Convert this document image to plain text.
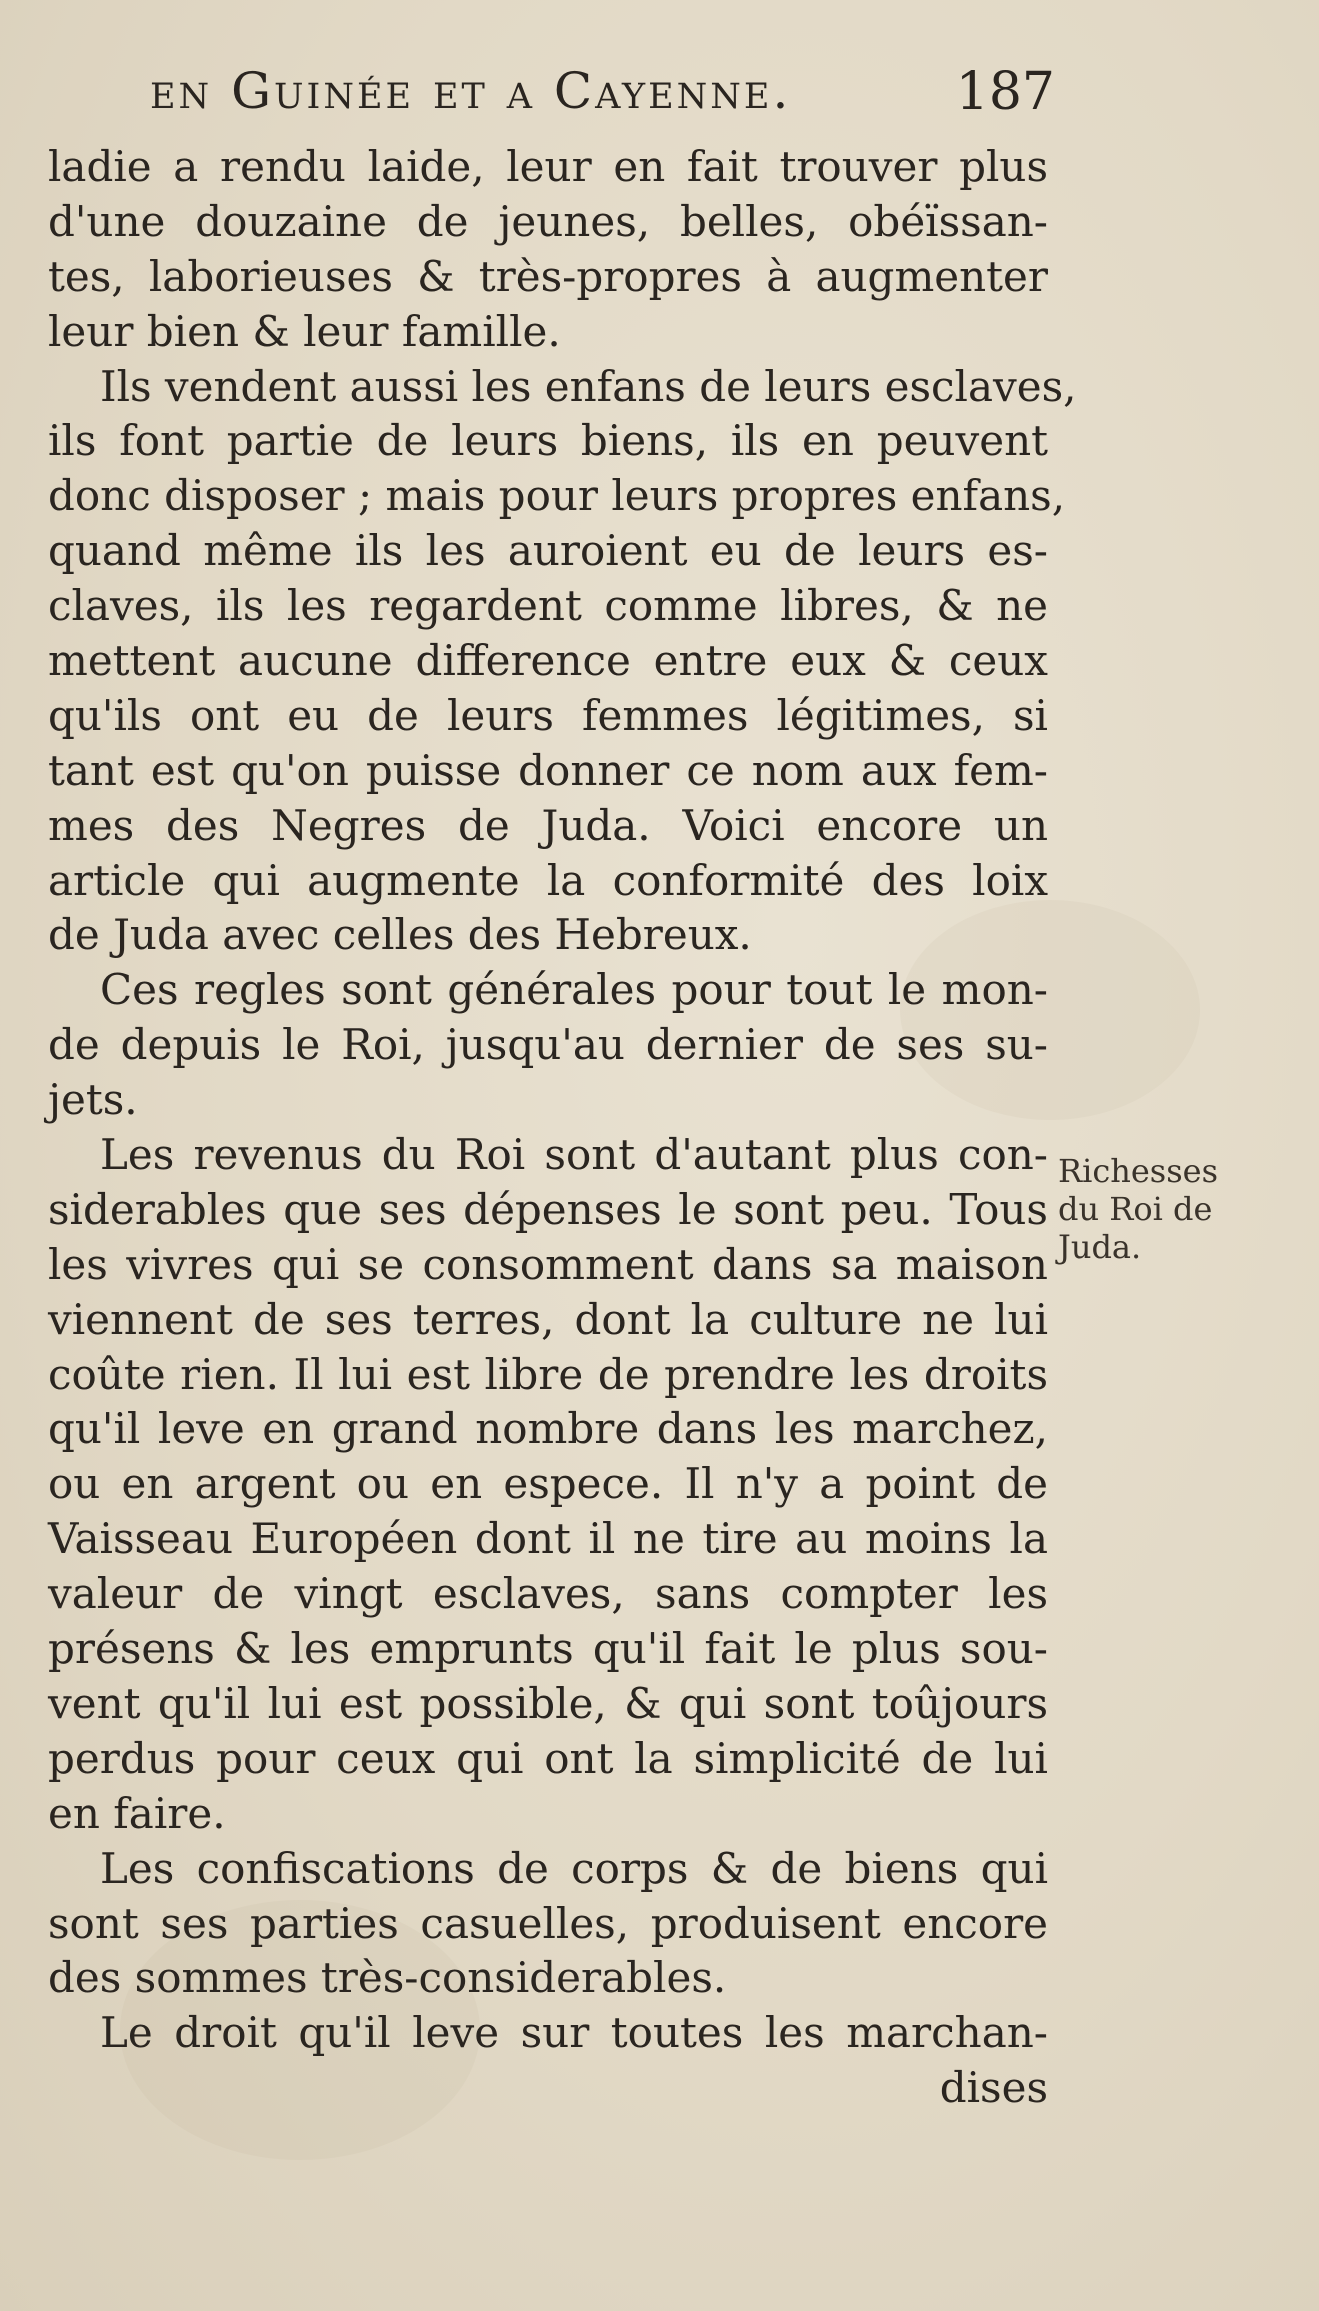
en Guinée et a Cayenne.	187
ladie a rendu laide, leur en fait trouver plus
d'une douzaine de jeunes, belles, obéïssan-
tes, laborieuses & très-propres à augmenter
leur bien & leur famille.
Ils vendent aussi les enfans de leurs esclaves,
ils font partie de leurs biens, ils en peuvent
donc disposer ; mais pour leurs propres enfans,
quand même ils les auroient eu de leurs es-
claves, ils les regardent comme libres, & ne
mettent aucune difference entre eux & ceux
qu'ils ont eu de leurs femmes légitimes, si
tant est qu'on puisse donner ce nom aux fem-
mes des Negres de Juda. Voici encore un
article qui augmente la conformité des loix
de Juda avec celles des Hebreux.
Ces regles sont générales pour tout le mon-
de depuis le Roi, jusqu'au dernier de ses su-
jets.
Les revenus du Roi sont d'autant plus con-
siderables que ses dépenses le sont peu. Tous
les vivres qui se consomment dans sa maison
viennent de ses terres, dont la culture ne lui
coûte rien. Il lui est libre de prendre les droits
qu'il leve en grand nombre dans les marchez,
ou en argent ou en espece. Il n'y a point de
Vaisseau Européen dont il ne tire au moins la
valeur de vingt esclaves, sans compter les
présens & les emprunts qu'il fait le plus sou-
vent qu'il lui est possible, & qui sont toûjours
perdus pour ceux qui ont la simplicité de lui
en faire.
Les confiscations de corps & de biens qui
sont ses parties casuelles, produisent encore
des sommes très-considerables.
Le droit qu'il leve sur toutes les marchan-
dises
Richesses
du Roi de
Juda.
